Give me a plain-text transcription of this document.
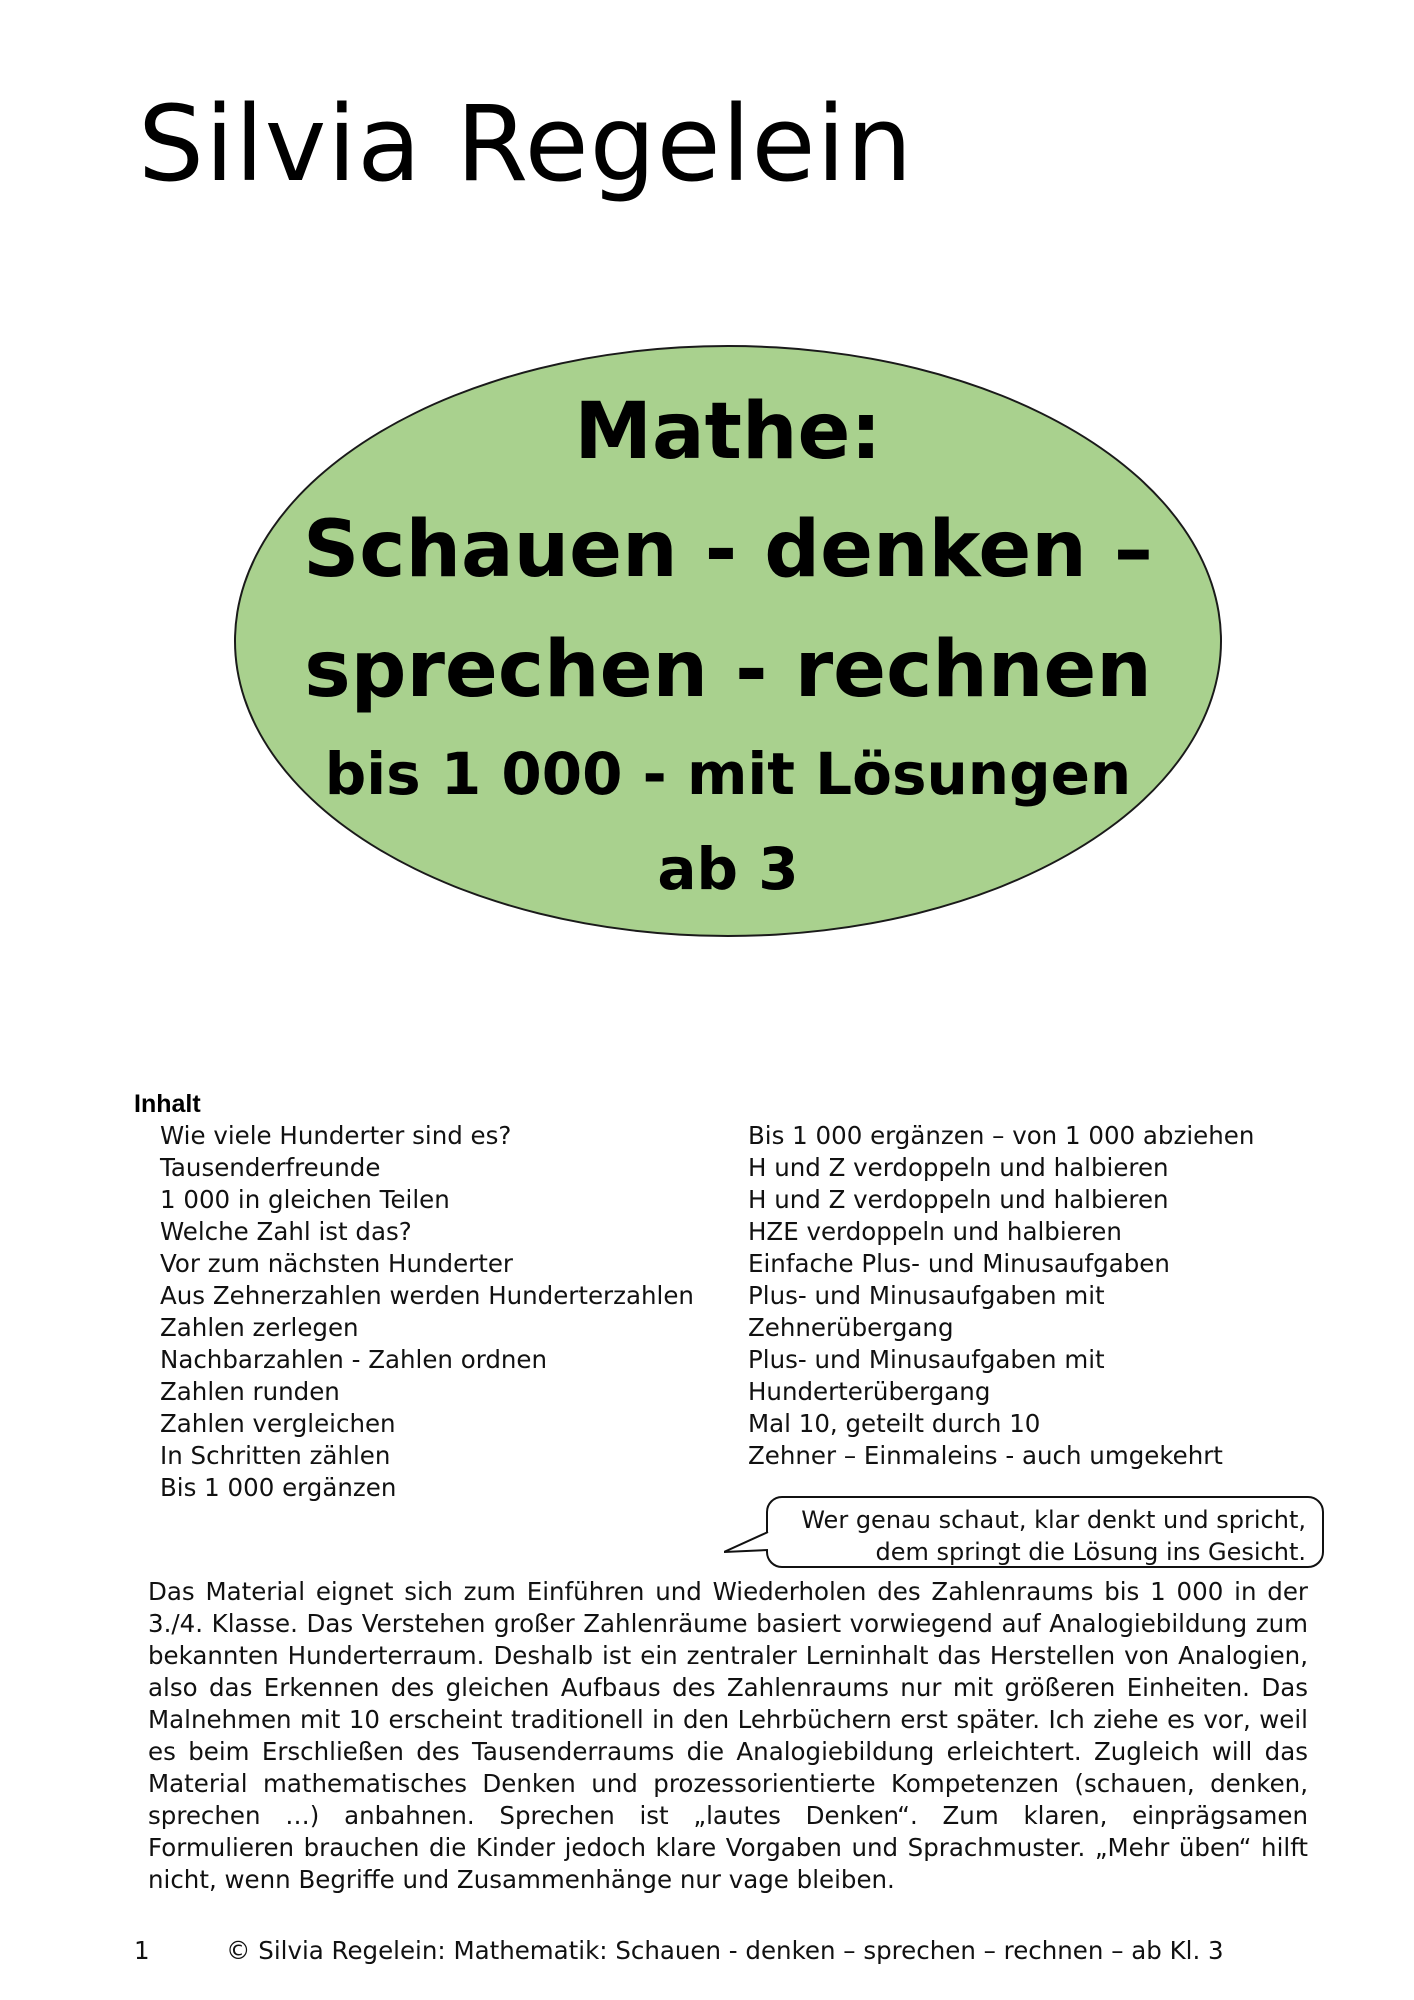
Silvia Regelein
Mathe:
Schauen - denken –
sprechen - rechnen
bis 1 000 - mit Lösungen
ab 3
Inhalt
Wie viele Hunderter sind es?
Tausenderfreunde
1 000 in gleichen Teilen
Welche Zahl ist das?
Vor zum nächsten Hunderter
Aus Zehnerzahlen werden Hunderterzahlen
Zahlen zerlegen
Nachbarzahlen - Zahlen ordnen
Zahlen runden
Zahlen vergleichen
In Schritten zählen
Bis 1 000 ergänzen
Bis 1 000 ergänzen – von 1 000 abziehen
H und Z verdoppeln und halbieren
H und Z verdoppeln und halbieren
HZE verdoppeln und halbieren
Einfache Plus- und Minusaufgaben
Plus- und Minusaufgaben mit
Zehnerübergang
Plus- und Minusaufgaben mit
Hunderterübergang
Mal 10, geteilt durch 10
Zehner – Einmaleins - auch umgekehrt
Wer genau schaut, klar denkt und spricht,
dem springt die Lösung ins Gesicht.

Das Material eignet sich zum Einführen und Wiederholen des Zahlenraums bis 1 000 in der 3./4. Klasse. Das Verstehen großer Zahlenräume basiert vorwiegend auf Analogiebildung zum bekannten Hunderterraum. Deshalb ist ein zentraler Lerninhalt das Herstellen von Analogien, also das Erkennen des gleichen Aufbaus des Zahlenraums nur mit größeren Einheiten. Das Malnehmen mit 10 erscheint traditionell in den Lehrbüchern erst später. Ich ziehe es vor, weil es beim Erschließen des Tausenderraums die Analogiebildung erleichtert. Zugleich will das Material mathematisches Denken und prozessorientierte Kompetenzen (schauen, denken, sprechen …) anbahnen. Sprechen ist „lautes Denken“. Zum klaren, einprägsamen Formulieren brauchen die Kinder jedoch klare Vorgaben und Sprachmuster. „Mehr üben“ hilft nicht, wenn Begriffe und Zusammenhänge nur vage bleiben.

1	© Silvia Regelein: Mathematik: Schauen - denken – sprechen – rechnen – ab Kl. 3
